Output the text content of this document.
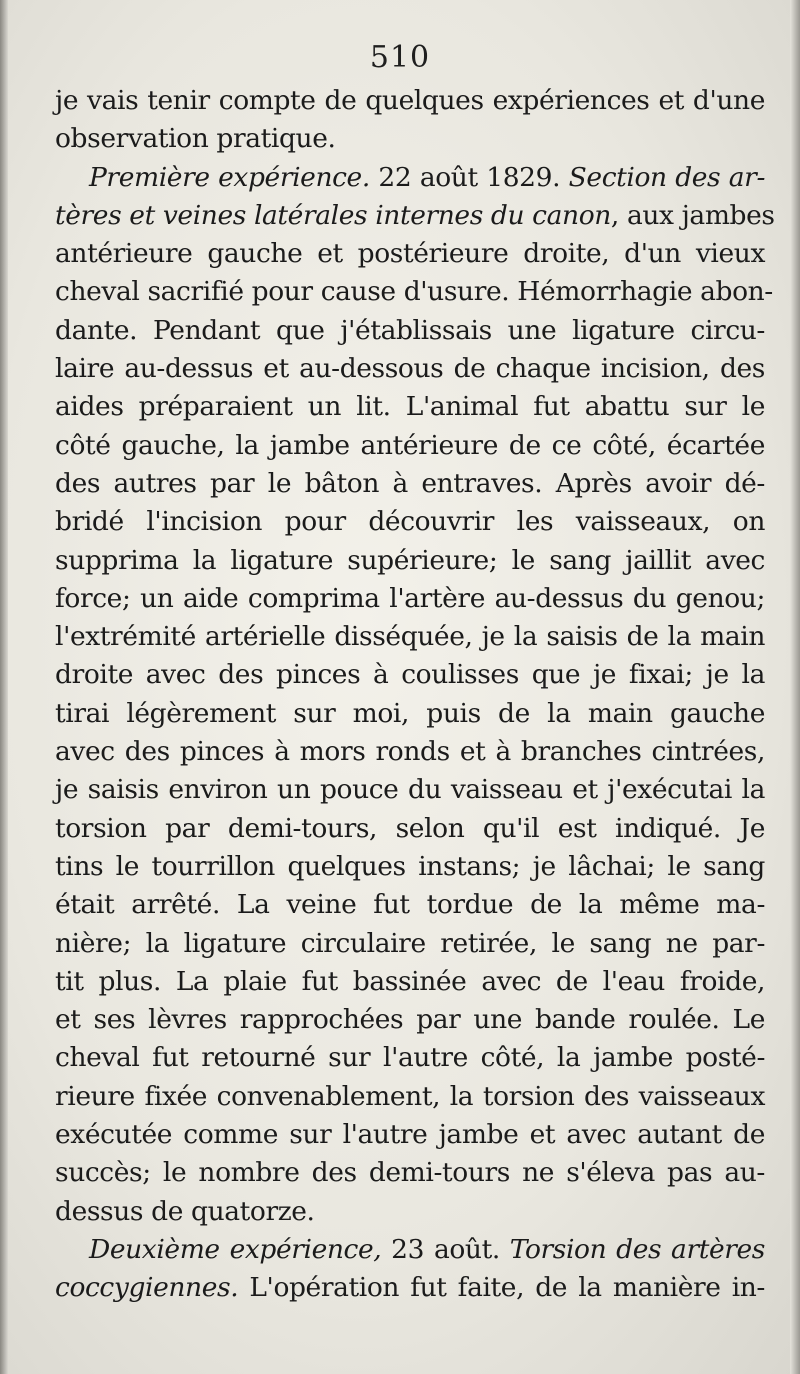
510
je vais tenir compte de quelques expériences et d'une
observation pratique.
Première expérience. 22 août 1829. Section des ar-
tères et veines latérales internes du canon, aux jambes
antérieure gauche et postérieure droite, d'un vieux
cheval sacrifié pour cause d'usure. Hémorrhagie abon-
dante. Pendant que j'établissais une ligature circu-
laire au-dessus et au-dessous de chaque incision, des
aides préparaient un lit. L'animal fut abattu sur le
côté gauche, la jambe antérieure de ce côté, écartée
des autres par le bâton à entraves. Après avoir dé-
bridé l'incision pour découvrir les vaisseaux, on
supprima la ligature supérieure; le sang jaillit avec
force; un aide comprima l'artère au-dessus du genou;
l'extrémité artérielle disséquée, je la saisis de la main
droite avec des pinces à coulisses que je fixai; je la
tirai légèrement sur moi, puis de la main gauche
avec des pinces à mors ronds et à branches cintrées,
je saisis environ un pouce du vaisseau et j'exécutai la
torsion par demi-tours, selon qu'il est indiqué. Je
tins le tourrillon quelques instans; je lâchai; le sang
était arrêté. La veine fut tordue de la même ma-
nière; la ligature circulaire retirée, le sang ne par-
tit plus. La plaie fut bassinée avec de l'eau froide,
et ses lèvres rapprochées par une bande roulée. Le
cheval fut retourné sur l'autre côté, la jambe posté-
rieure fixée convenablement, la torsion des vaisseaux
exécutée comme sur l'autre jambe et avec autant de
succès; le nombre des demi-tours ne s'éleva pas au-
dessus de quatorze.
Deuxième expérience, 23 août. Torsion des artères
coccygiennes. L'opération fut faite, de la manière in-
